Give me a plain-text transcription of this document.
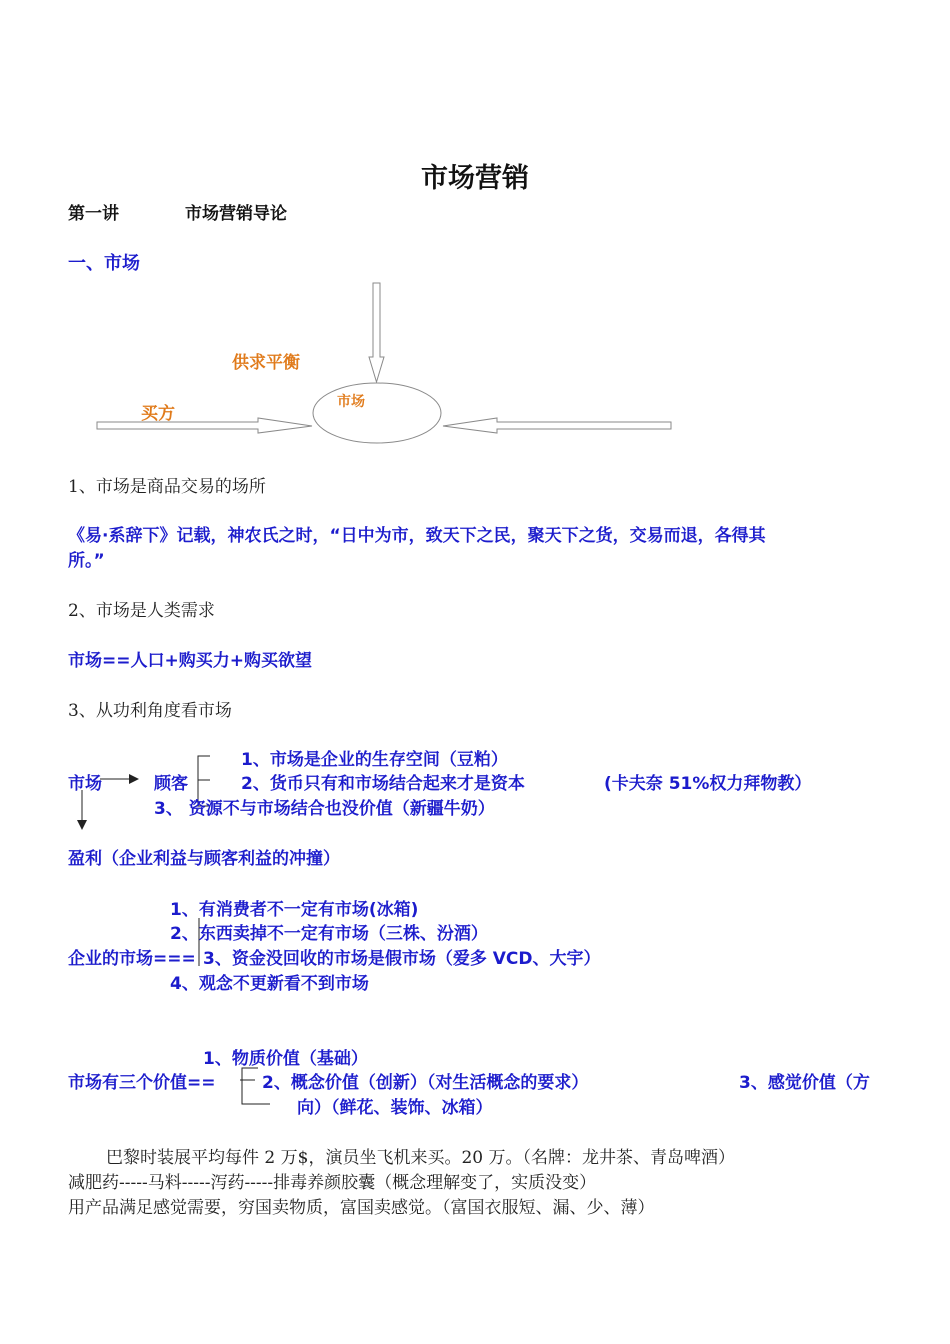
市场营销
第一讲	市场营销导论
一、市场
供求平衡
买方
市场
1、市场是商品交易的场所
《易·系辞下》记载，神农氏之时，“日中为市，致天下之民，聚天下之货，交易而退，各得其
所。”
2、市场是人类需求
市场==人口+购买力+购买欲望
3、从功利角度看市场
1、市场是企业的生存空间（豆粕）
市场	顾客	2、货币只有和市场结合起来才是资本	(卡夫奈 51%权力拜物教）
3、 资源不与市场结合也没价值（新疆牛奶）
盈利（企业利益与顾客利益的冲撞）
1、有消费者不一定有市场(冰箱)
2、东西卖掉不一定有市场（三株、汾酒）
企业的市场=== 3、资金没回收的市场是假市场（爱多 VCD、大宇）
4、观念不更新看不到市场
1、物质价值（基础）
市场有三个价值==	2、概念价值（创新）（对生活概念的要求）	3、感觉价值（方
向）（鲜花、装饰、冰箱）
巴黎时装展平均每件 2 万$，演员坐飞机来买。20 万。（名牌：龙井茶、青岛啤酒）
减肥药-----马料-----泻药-----排毒养颜胶囊（概念理解变了，实质没变）
用产品满足感觉需要，穷国卖物质，富国卖感觉。（富国衣服短、漏、少、薄）
